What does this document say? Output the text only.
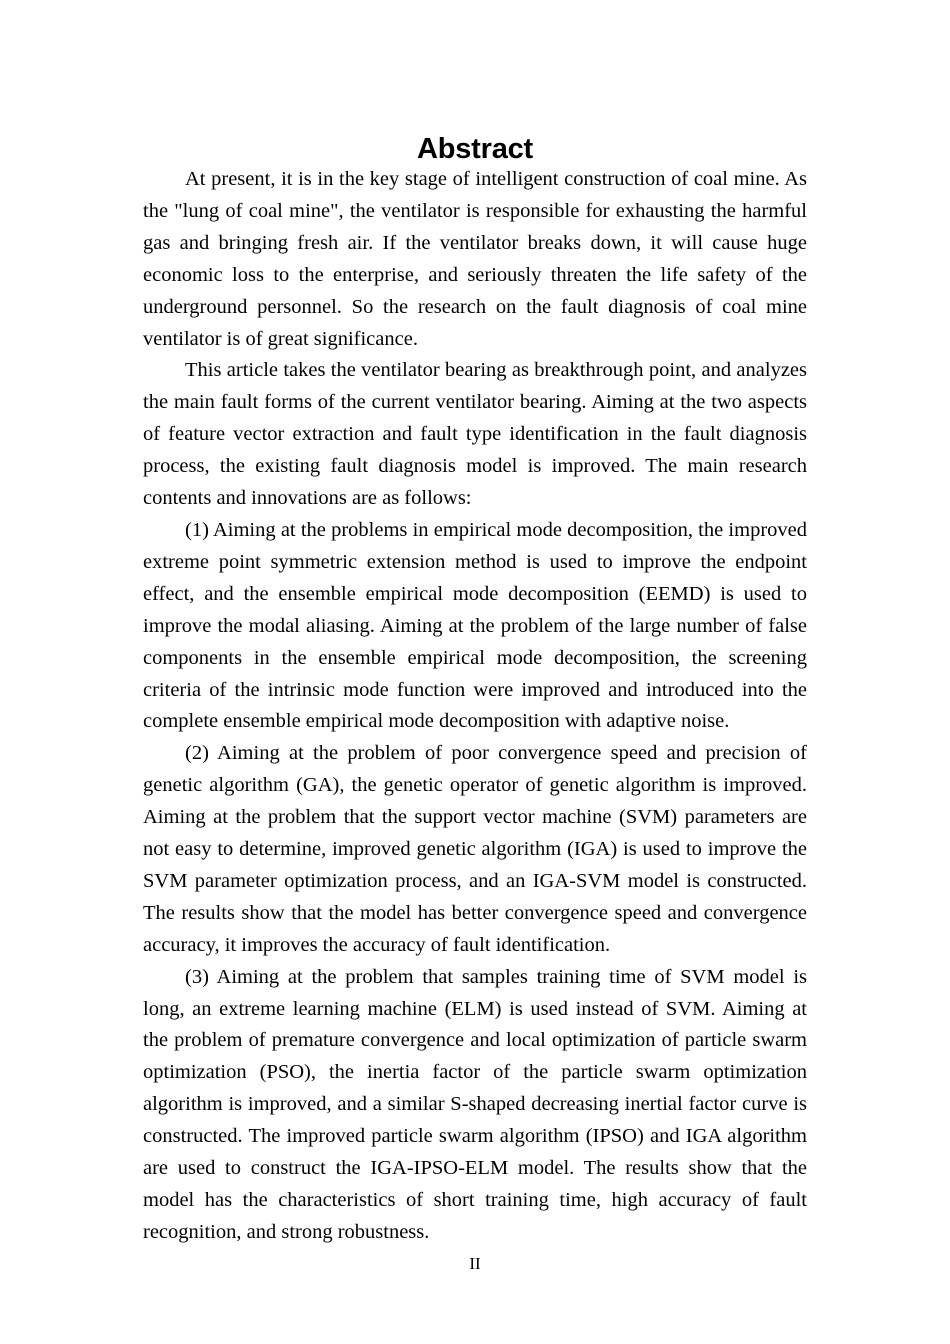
Abstract

At present, it is in the key stage of intelligent construction of coal mine. As the "lung of coal mine", the ventilator is responsible for exhausting the harmful gas and bringing fresh air. If the ventilator breaks down, it will cause huge economic loss to the enterprise, and seriously threaten the life safety of the underground personnel. So the research on the fault diagnosis of coal mine ventilator is of great significance.

This article takes the ventilator bearing as breakthrough point, and analyzes the main fault forms of the current ventilator bearing. Aiming at the two aspects of feature vector extraction and fault type identification in the fault diagnosis process, the existing fault diagnosis model is improved. The main research contents and innovations are as follows:

(1) Aiming at the problems in empirical mode decomposition, the improved extreme point symmetric extension method is used to improve the endpoint effect, and the ensemble empirical mode decomposition (EEMD) is used to improve the modal aliasing. Aiming at the problem of the large number of false components in the ensemble empirical mode decomposition, the screening criteria of the intrinsic mode function were improved and introduced into the complete ensemble empirical mode decomposition with adaptive noise.

(2) Aiming at the problem of poor convergence speed and precision of genetic algorithm (GA), the genetic operator of genetic algorithm is improved. Aiming at the problem that the support vector machine (SVM) parameters are not easy to determine, improved genetic algorithm (IGA) is used to improve the SVM parameter optimization process, and an IGA-SVM model is constructed. The results show that the model has better convergence speed and convergence accuracy, it improves the accuracy of fault identification.

(3) Aiming at the problem that samples training time of SVM model is long, an extreme learning machine (ELM) is used instead of SVM. Aiming at the problem of premature convergence and local optimization of particle swarm optimization (PSO), the inertia factor of the particle swarm optimization algorithm is improved, and a similar S-shaped decreasing inertial factor curve is constructed. The improved particle swarm algorithm (IPSO) and IGA algorithm are used to construct the IGA-IPSO-ELM model. The results show that the model has the characteristics of short training time, high accuracy of fault recognition, and strong robustness.

II
